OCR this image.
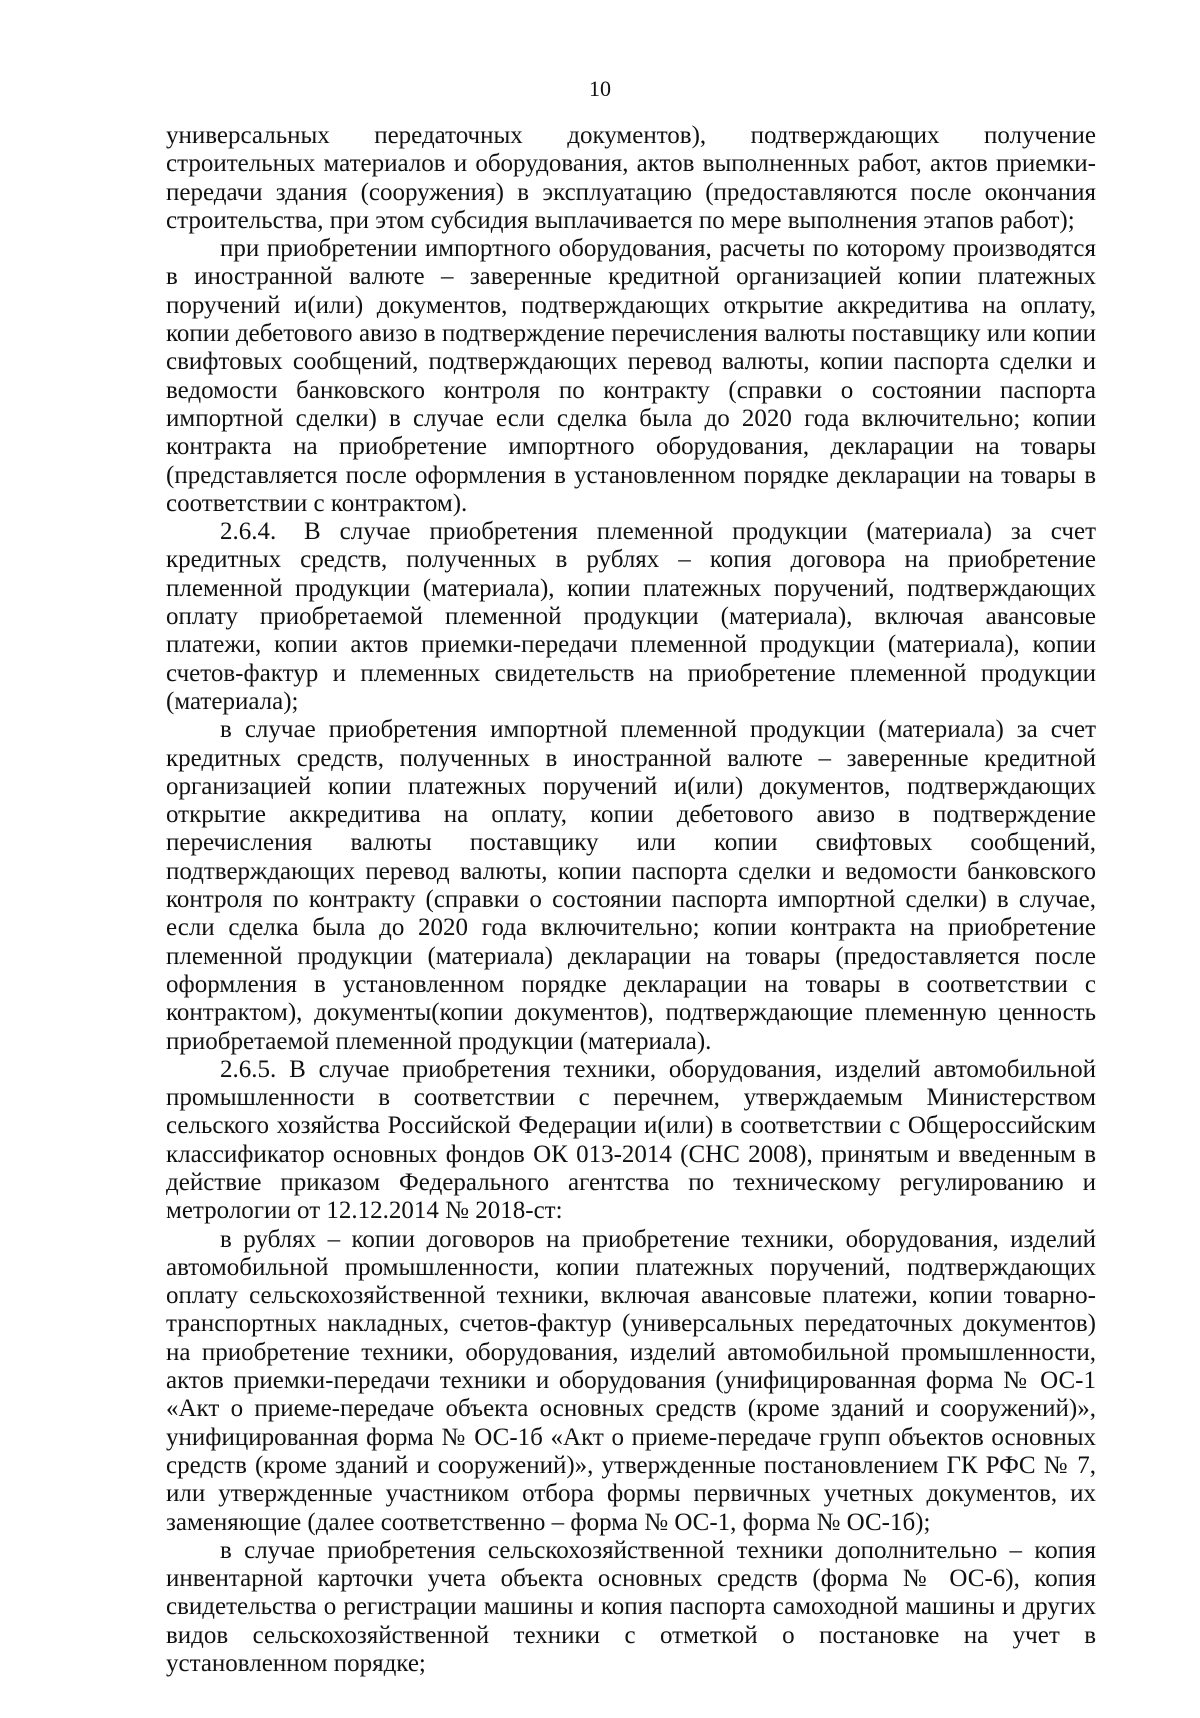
10

универсальных передаточных документов), подтверждающих получение строительных материалов и оборудования, актов выполненных работ, актов приемки-передачи здания (сооружения) в эксплуатацию (предоставляются после окончания строительства, при этом субсидия выплачивается по мере выполнения этапов работ);

при приобретении импортного оборудования, расчеты по которому производятся в иностранной валюте – заверенные кредитной организацией копии платежных поручений и(или) документов, подтверждающих открытие аккредитива на оплату, копии дебетового авизо в подтверждение перечисления валюты поставщику или копии свифтовых сообщений, подтверждающих перевод валюты, копии паспорта сделки и ведомости банковского контроля по контракту (справки о состоянии паспорта импортной сделки) в случае если сделка была до 2020 года включительно; копии контракта на приобретение импортного оборудования, декларации на товары (представляется после оформления в установленном порядке декларации на товары в соответствии с контрактом).

2.6.4. В случае приобретения племенной продукции (материала) за счет кредитных средств, полученных в рублях – копия договора на приобретение племенной продукции (материала), копии платежных поручений, подтверждающих оплату приобретаемой племенной продукции (материала), включая авансовые платежи, копии актов приемки-передачи племенной продукции (материала), копии счетов-фактур и племенных свидетельств на приобретение племенной продукции (материала);

в случае приобретения импортной племенной продукции (материала) за счет кредитных средств, полученных в иностранной валюте – заверенные кредитной организацией копии платежных поручений и(или) документов, подтверждающих открытие аккредитива на оплату, копии дебетового авизо в подтверждение перечисления валюты поставщику или копии свифтовых сообщений, подтверждающих перевод валюты, копии паспорта сделки и ведомости банковского контроля по контракту (справки о состоянии паспорта импортной сделки) в случае, если сделка была до 2020 года включительно; копии контракта на приобретение племенной продукции (материала) декларации на товары (предоставляется после оформления в установленном порядке декларации на товары в соответствии с контрактом), документы(копии документов), подтверждающие племенную ценность приобретаемой племенной продукции (материала).

2.6.5. В случае приобретения техники, оборудования, изделий автомобильной промышленности в соответствии с перечнем, утверждаемым Министерством сельского хозяйства Российской Федерации и(или) в соответствии с Общероссийским классификатор основных фондов ОК 013-2014 (СНС 2008), принятым и введенным в действие приказом Федерального агентства по техническому регулированию и метрологии от 12.12.2014 № 2018-ст:

в рублях – копии договоров на приобретение техники, оборудования, изделий автомобильной промышленности, копии платежных поручений, подтверждающих оплату сельскохозяйственной техники, включая авансовые платежи, копии товарно-транспортных накладных, счетов-фактур (универсальных передаточных документов) на приобретение техники, оборудования, изделий автомобильной промышленности, актов приемки-передачи техники и оборудования (унифицированная форма № ОС-1 «Акт о приеме-передаче объекта основных средств (кроме зданий и сооружений)», унифицированная форма № ОС-1б «Акт о приеме-передаче групп объектов основных средств (кроме зданий и сооружений)», утвержденные постановлением ГК РФС № 7, или утвержденные участником отбора формы первичных учетных документов, их заменяющие (далее соответственно – форма № ОС-1, форма № ОС-1б);

в случае приобретения сельскохозяйственной техники дополнительно – копия инвентарной карточки учета объекта основных средств (форма № ОС-6), копия свидетельства о регистрации машины и копия паспорта самоходной машины и других видов сельскохозяйственной техники с отметкой о постановке на учет в установленном порядке;
